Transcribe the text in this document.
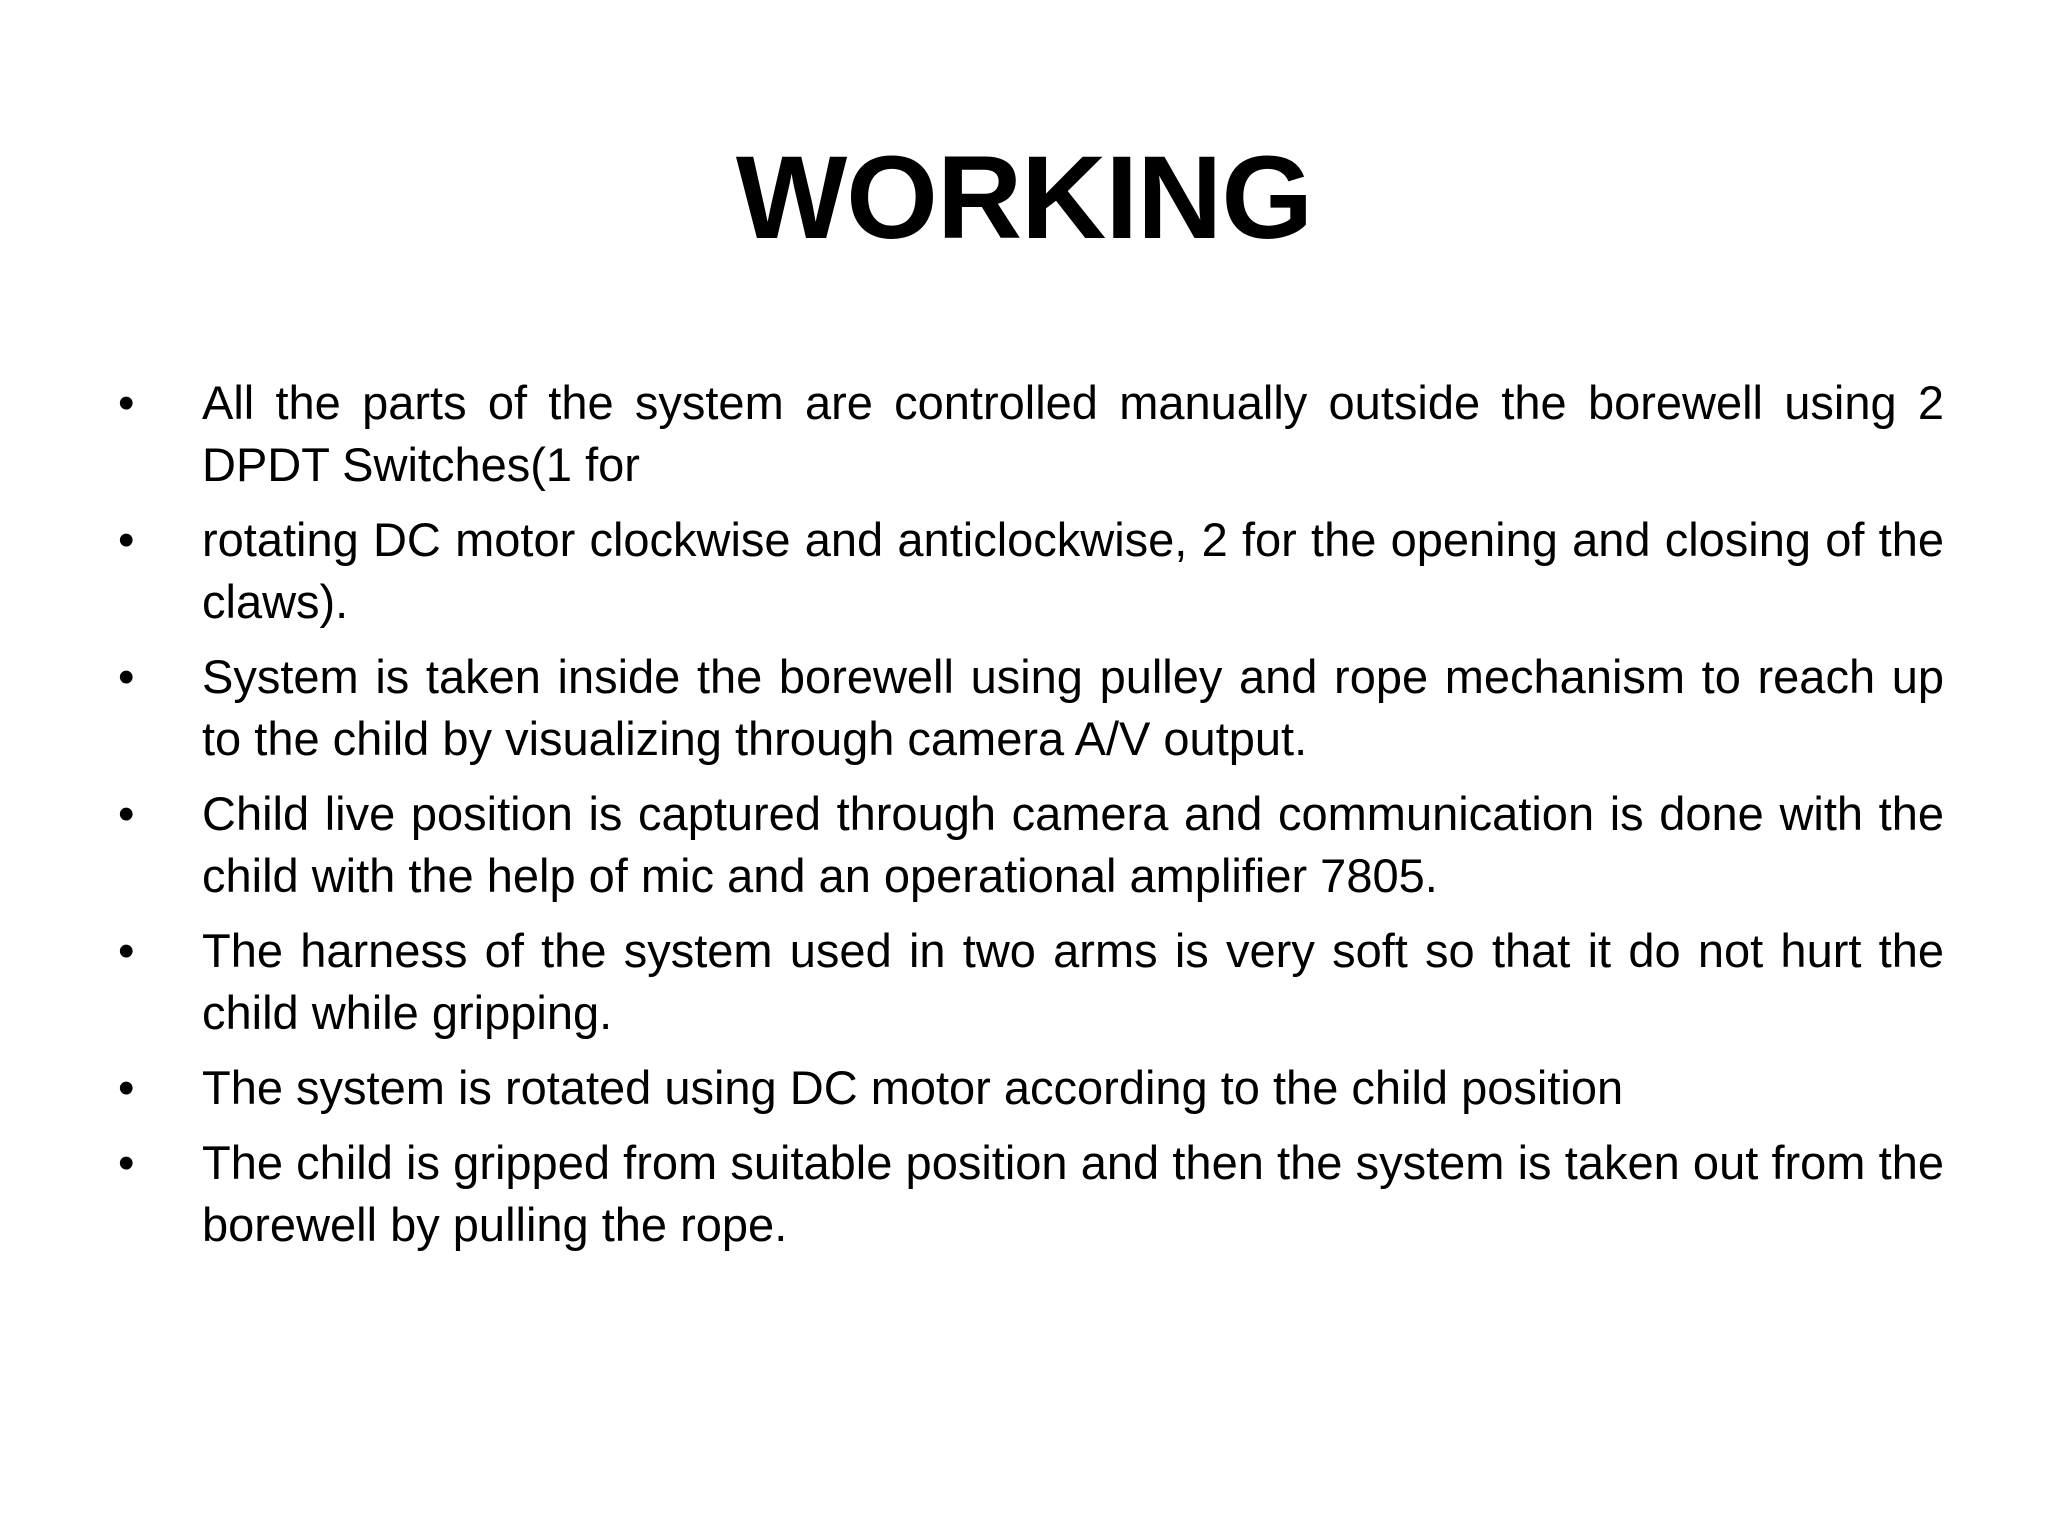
WORKING
• All the parts of the system are controlled manually outside the borewell using 2 DPDT Switches(1 for
• rotating DC motor clockwise and anticlockwise, 2 for the opening and closing of the claws).
• System is taken inside the borewell using pulley and rope mechanism to reach up to the child by visualizing through camera A/V output.
• Child live position is captured through camera and communication is done with the child with the help of mic and an operational amplifier 7805.
• The harness of the system used in two arms is very soft so that it do not hurt the child while gripping.
• The system is rotated using DC motor according to the child position
• The child is gripped from suitable position and then the system is taken out from the borewell by pulling the rope.
